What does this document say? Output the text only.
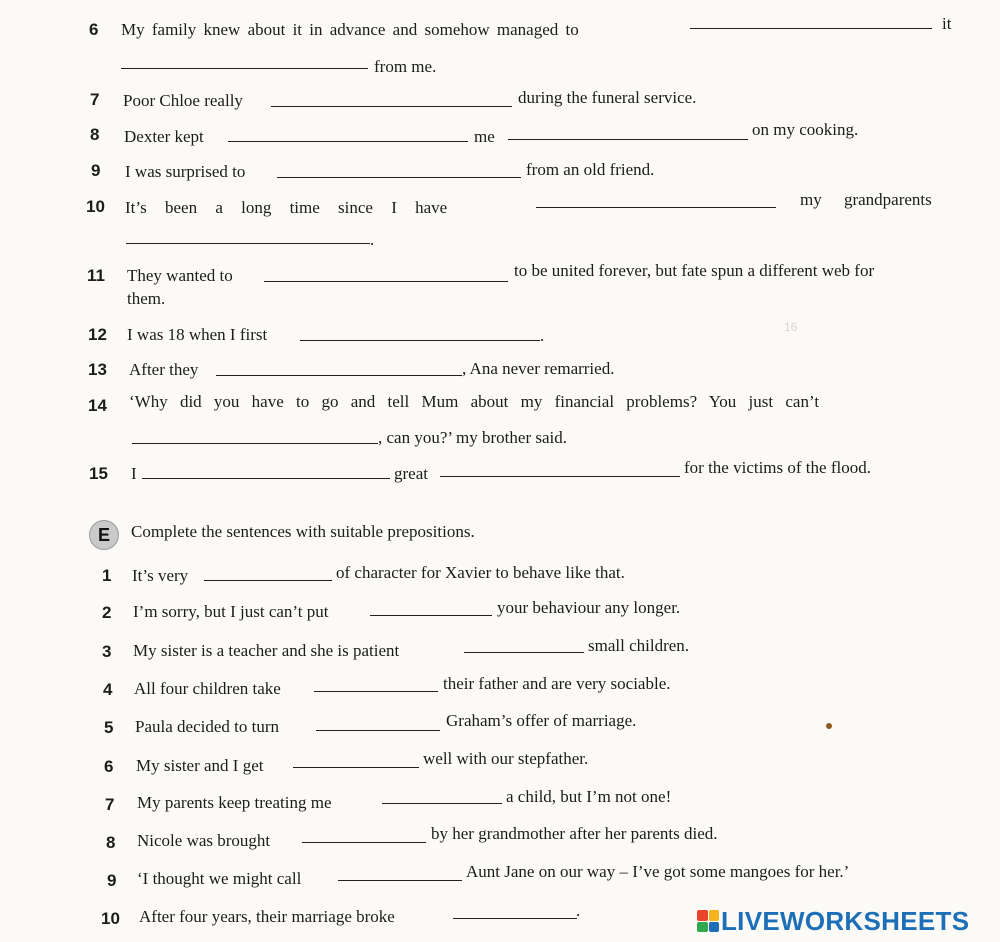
16
6 My family knew about it in advance and somehow managed to	it
from me.
7 Poor Chloe really	during the funeral service.
8 Dexter kept	me	on my cooking.
9 I was surprised to	from an old friend.
10 It’s been a long time since I have	my grandparents
.
11 They wanted to	to be united forever, but fate spun a different web for
them.
12 I was 18 when I first	.
13 After they	, Ana never remarried.
14 ‘Why did you have to go and tell Mum about my financial problems? You just can’t
, can you?’ my brother said.
15 I	great	for the victims of the flood.
E	Complete the sentences with suitable prepositions.
1 It’s very	of character for Xavier to behave like that.
2 I’m sorry, but I just can’t put	your behaviour any longer.
3 My sister is a teacher and she is patient	small children.
4 All four children take	their father and are very sociable.
5 Paula decided to turn	Graham’s offer of marriage.
6 My sister and I get	well with our stepfather.
7 My parents keep treating me	a child, but I’m not one!
8 Nicole was brought	by her grandmother after her parents died.
9 ‘I thought we might call	Aunt Jane on our way – I’ve got some mangoes for her.’
10 After four years, their marriage broke	.	LIVEWORKSHEETS
